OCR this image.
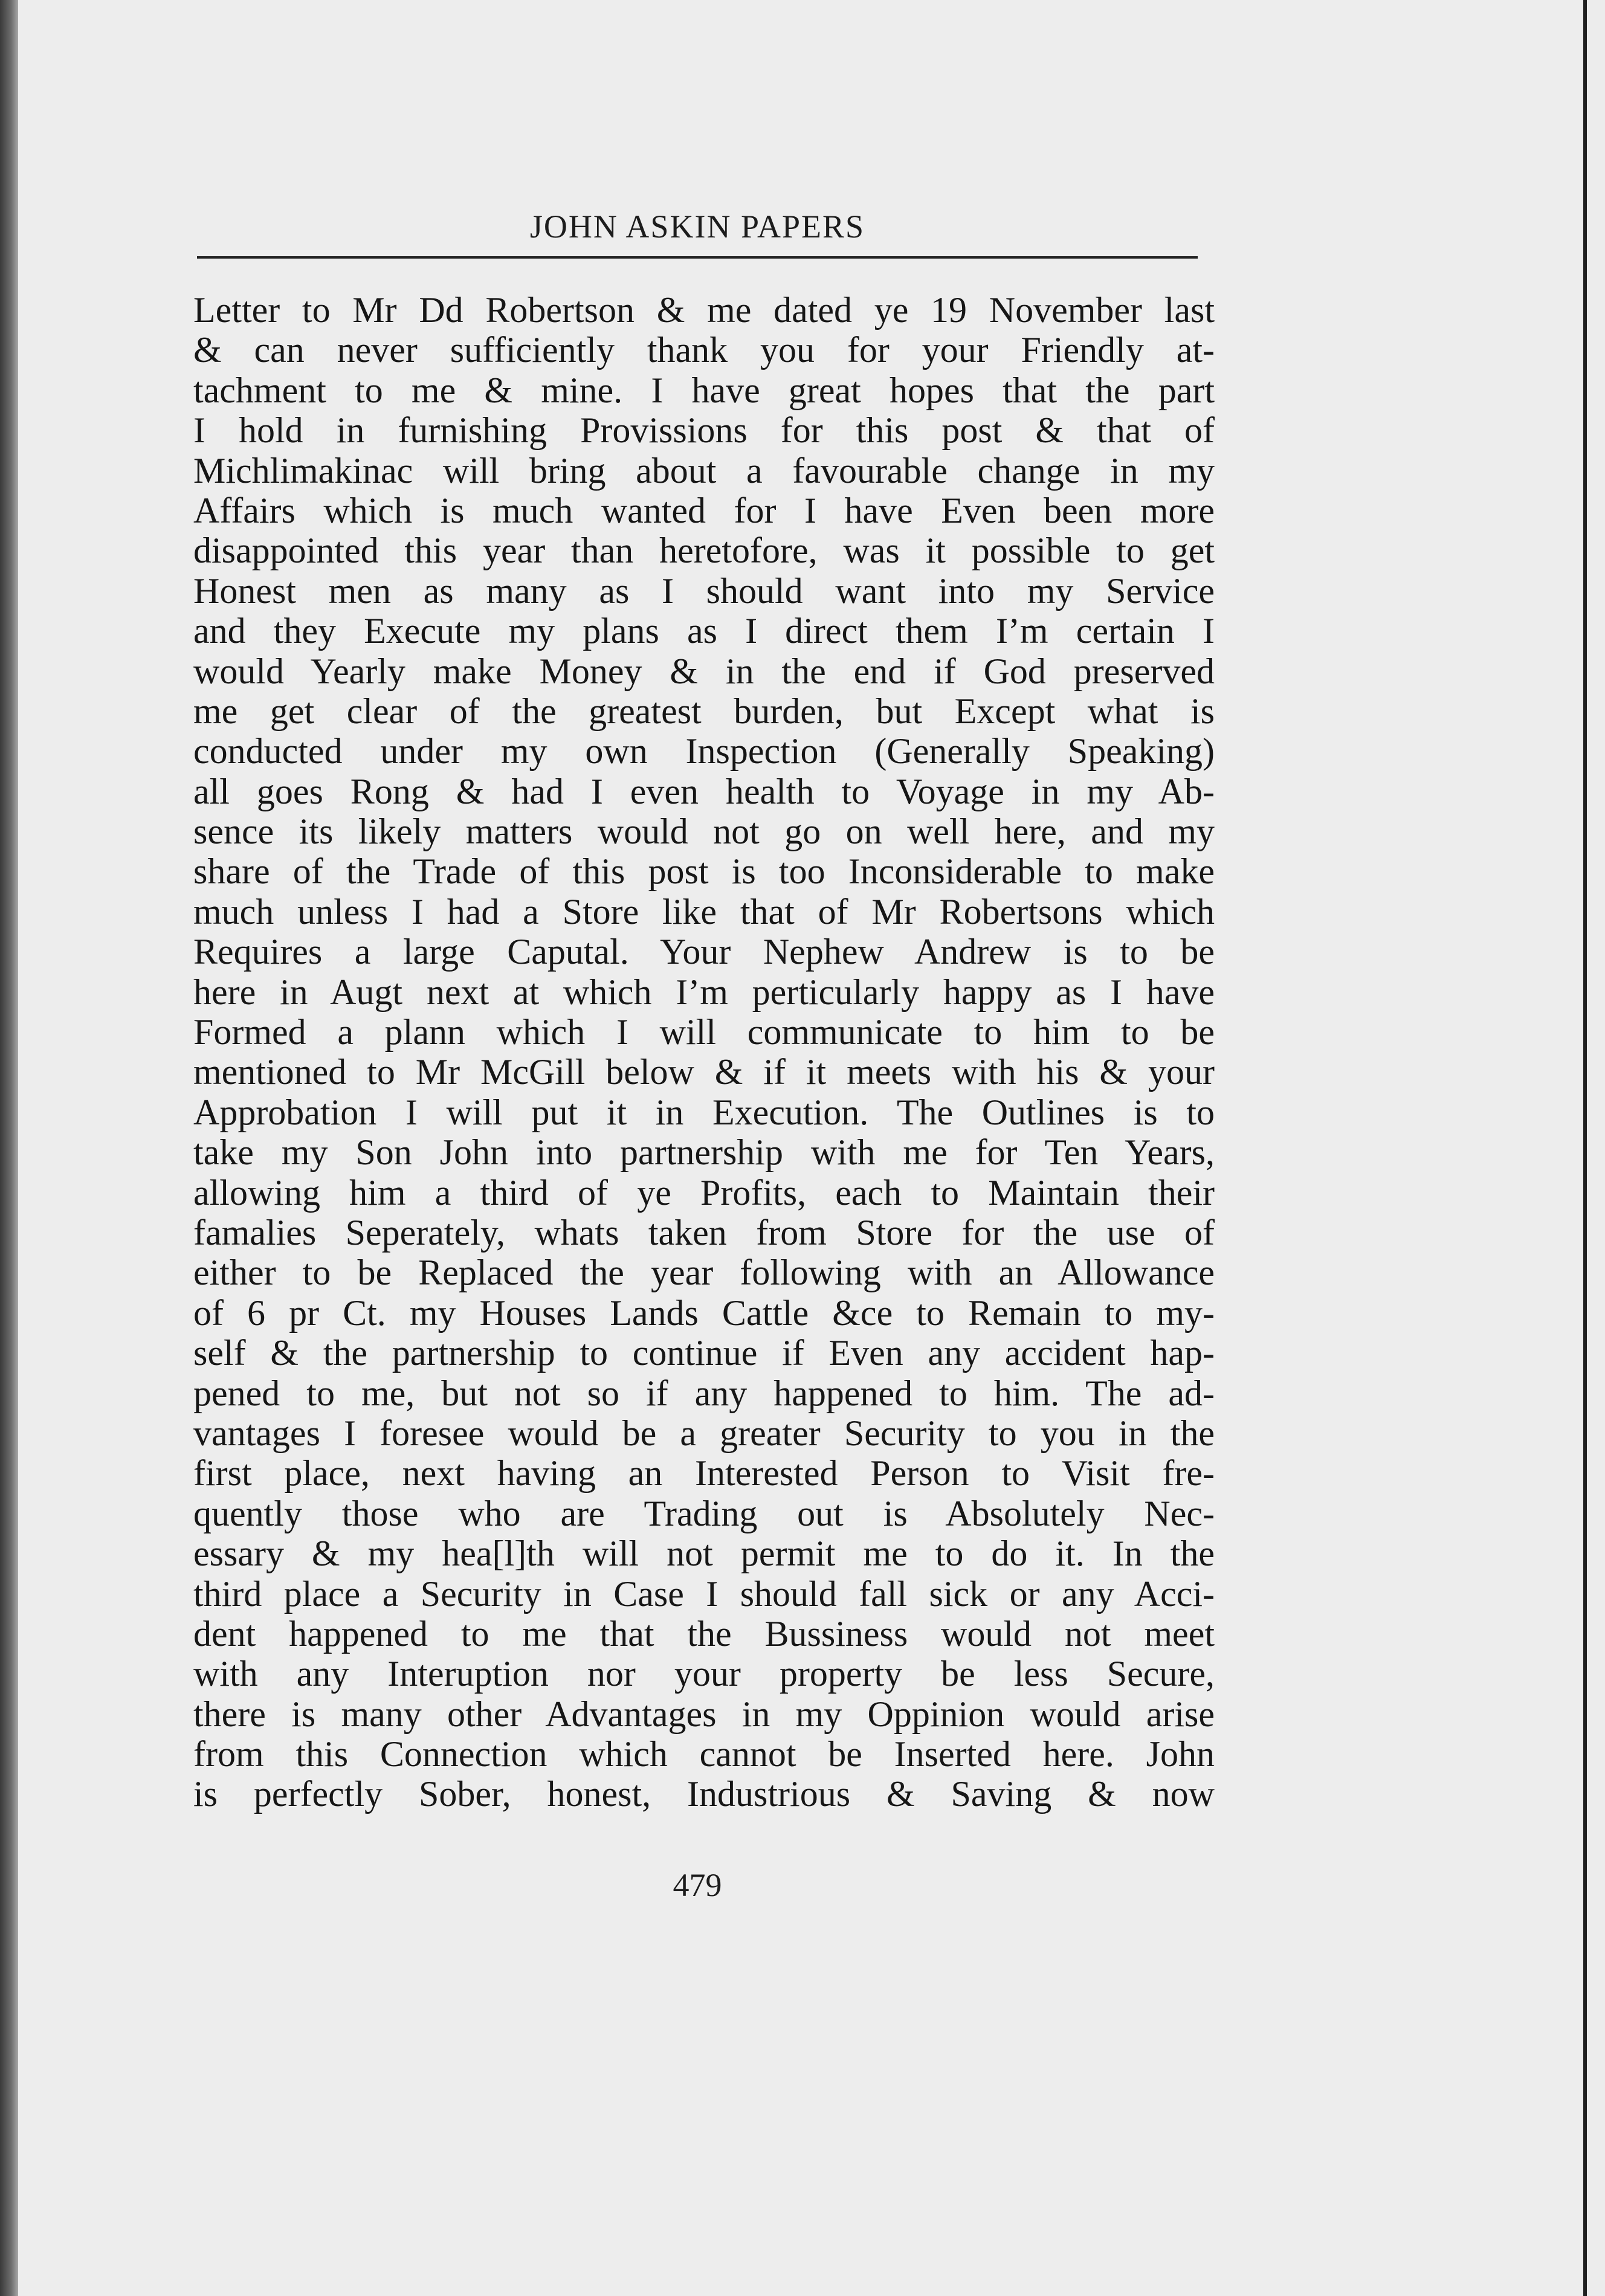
JOHN ASKIN PAPERS
Letter to Mr Dd Robertson & me dated ye 19 November last
& can never sufficiently thank you for your Friendly at-
tachment to me & mine. I have great hopes that the part
I hold in furnishing Provissions for this post & that of
Michlimakinac will bring about a favourable change in my
Affairs which is much wanted for I have Even been more
disappointed this year than heretofore, was it possible to get
Honest men as many as I should want into my Service
and they Execute my plans as I direct them I’m certain I
would Yearly make Money & in the end if God preserved
me get clear of the greatest burden, but Except what is
conducted under my own Inspection (Generally Speaking)
all goes Rong & had I even health to Voyage in my Ab-
sence its likely matters would not go on well here, and my
share of the Trade of this post is too Inconsiderable to make
much unless I had a Store like that of Mr Robertsons which
Requires a large Caputal. Your Nephew Andrew is to be
here in Augt next at which I’m perticularly happy as I have
Formed a plann which I will communicate to him to be
mentioned to Mr McGill below & if it meets with his & your
Approbation I will put it in Execution. The Outlines is to
take my Son John into partnership with me for Ten Years,
allowing him a third of ye Profits, each to Maintain their
famalies Seperately, whats taken from Store for the use of
either to be Replaced the year following with an Allowance
of 6 pr Ct. my Houses Lands Cattle &ce to Remain to my-
self & the partnership to continue if Even any accident hap-
pened to me, but not so if any happened to him. The ad-
vantages I foresee would be a greater Security to you in the
first place, next having an Interested Person to Visit fre-
quently those who are Trading out is Absolutely Nec-
essary & my hea[l]th will not permit me to do it. In the
third place a Security in Case I should fall sick or any Acci-
dent happened to me that the Bussiness would not meet
with any Interuption nor your property be less Secure,
there is many other Advantages in my Oppinion would arise
from this Connection which cannot be Inserted here. John
is perfectly Sober, honest, Industrious & Saving & now
479
